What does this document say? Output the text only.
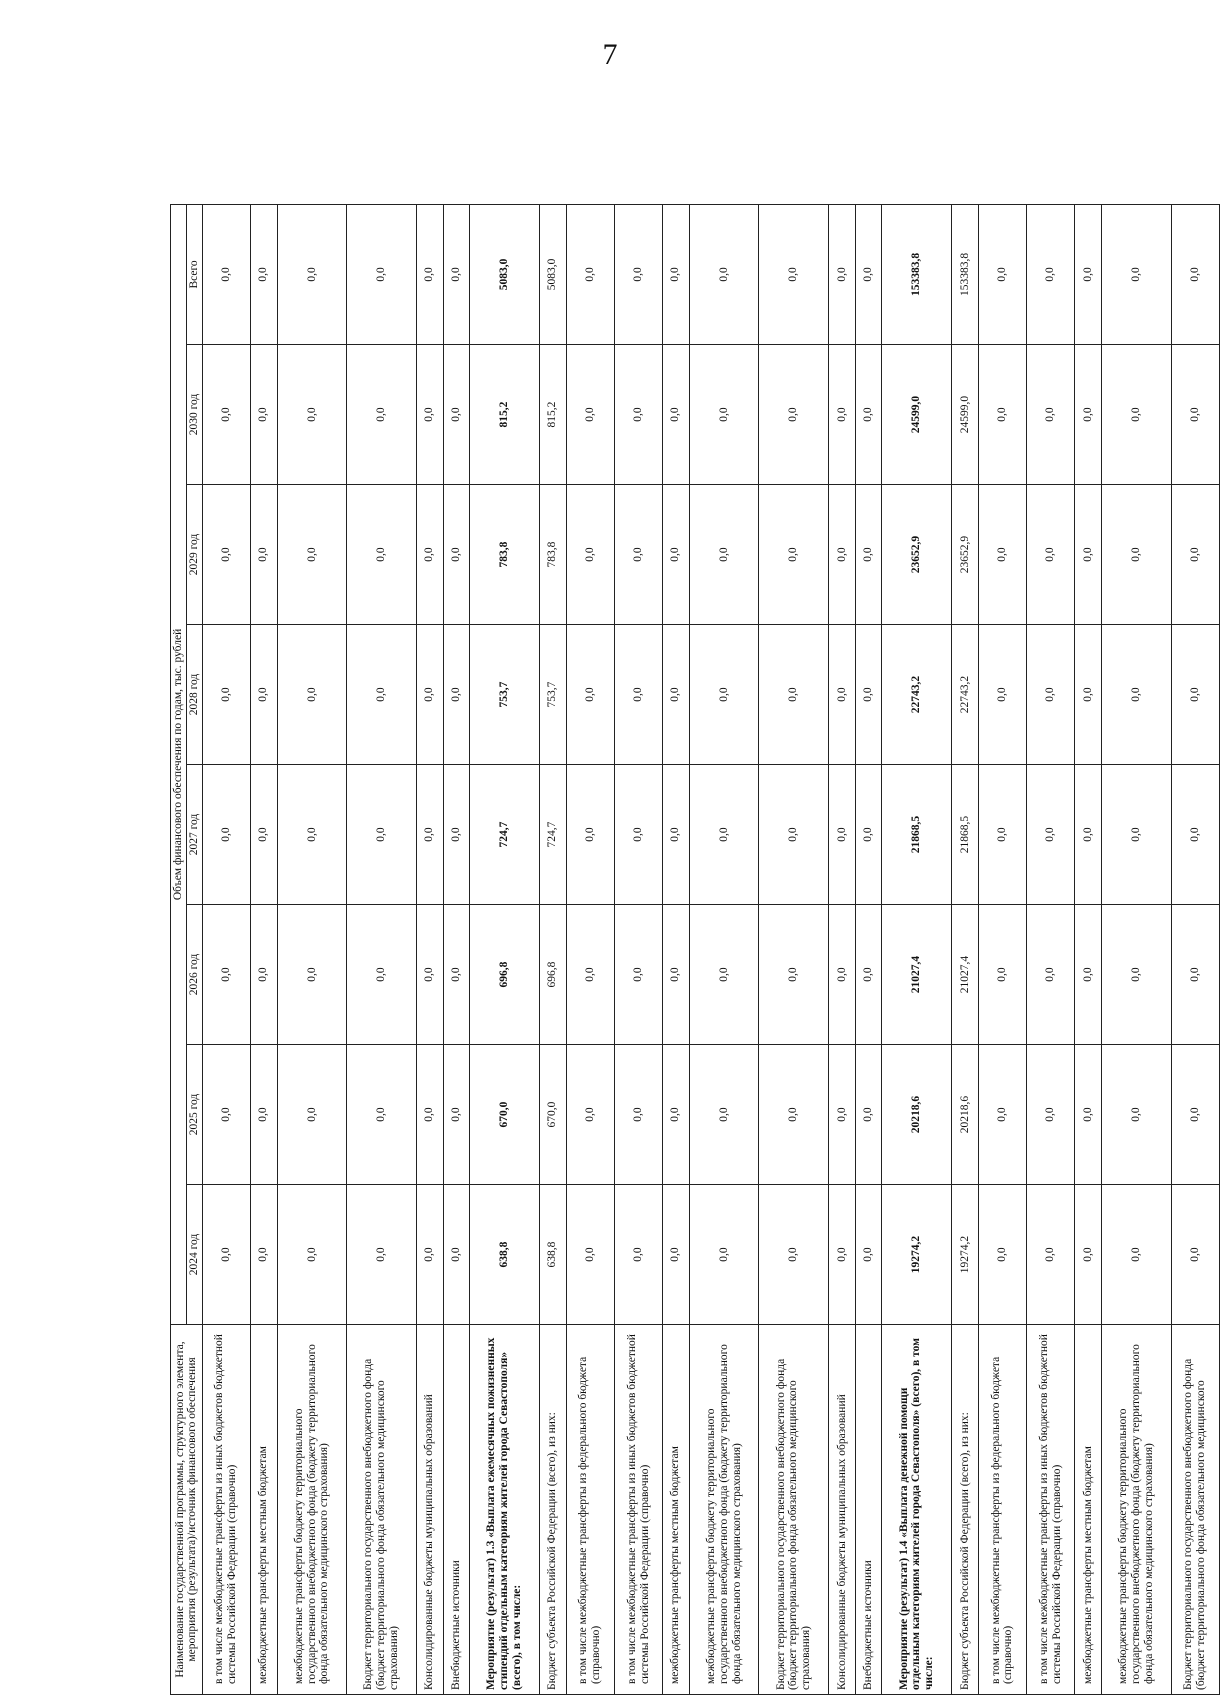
7
Наименование государственной программы, структурного элемента, мероприятия (результата)/источник финансового обеспечения	Объем финансового обеспечения по годам, тыс. рублей							
	2024 год	2025 год	2026 год	2027 год	2028 год	2029 год	2030 год	Всего
в том числе межбюджетные трансферты из иных бюджетов бюджетной системы Российской Федерации (справочно)	0,0	0,0	0,0	0,0	0,0	0,0	0,0	0,0
межбюджетные трансферты местным бюджетам	0,0	0,0	0,0	0,0	0,0	0,0	0,0	0,0
межбюджетные трансферты бюджету территориального государственного внебюджетного фонда (бюджету территориального фонда обязательного медицинского страхования)	0,0	0,0	0,0	0,0	0,0	0,0	0,0	0,0
Бюджет территориального государственного внебюджетного фонда (бюджет территориального фонда обязательного медицинского страхования)	0,0	0,0	0,0	0,0	0,0	0,0	0,0	0,0
Консолидированные бюджеты муниципальных образований	0,0	0,0	0,0	0,0	0,0	0,0	0,0	0,0
Внебюджетные источники	0,0	0,0	0,0	0,0	0,0	0,0	0,0	0,0
Мероприятие (результат) 1.3 «Выплата ежемесячных пожизненных стипендий отдельным категориям жителей города Севастополя» (всего), в том числе:	638,8	670,0	696,8	724,7	753,7	783,8	815,2	5083,0
Бюджет субъекта Российской Федерации (всего), из них:	638,8	670,0	696,8	724,7	753,7	783,8	815,2	5083,0
в том числе межбюджетные трансферты из федерального бюджета (справочно)	0,0	0,0	0,0	0,0	0,0	0,0	0,0	0,0
в том числе межбюджетные трансферты из иных бюджетов бюджетной системы Российской Федерации (справочно)	0,0	0,0	0,0	0,0	0,0	0,0	0,0	0,0
межбюджетные трансферты местным бюджетам	0,0	0,0	0,0	0,0	0,0	0,0	0,0	0,0
межбюджетные трансферты бюджету территориального государственного внебюджетного фонда (бюджету территориального фонда обязательного медицинского страхования)	0,0	0,0	0,0	0,0	0,0	0,0	0,0	0,0
Бюджет территориального государственного внебюджетного фонда (бюджет территориального фонда обязательного медицинского страхования)	0,0	0,0	0,0	0,0	0,0	0,0	0,0	0,0
Консолидированные бюджеты муниципальных образований	0,0	0,0	0,0	0,0	0,0	0,0	0,0	0,0
Внебюджетные источники	0,0	0,0	0,0	0,0	0,0	0,0	0,0	0,0
Мероприятие (результат) 1.4 «Выплата денежной помощи отдельным категориям жителей города Севастополя» (всего), в том числе:	19274,2	20218,6	21027,4	21868,5	22743,2	23652,9	24599,0	153383,8
Бюджет субъекта Российской Федерации (всего), из них:	19274,2	20218,6	21027,4	21868,5	22743,2	23652,9	24599,0	153383,8
в том числе межбюджетные трансферты из федерального бюджета (справочно)	0,0	0,0	0,0	0,0	0,0	0,0	0,0	0,0
в том числе межбюджетные трансферты из иных бюджетов бюджетной системы Российской Федерации (справочно)	0,0	0,0	0,0	0,0	0,0	0,0	0,0	0,0
межбюджетные трансферты местным бюджетам	0,0	0,0	0,0	0,0	0,0	0,0	0,0	0,0
межбюджетные трансферты бюджету территориального государственного внебюджетного фонда (бюджету территориального фонда обязательного медицинского страхования)	0,0	0,0	0,0	0,0	0,0	0,0	0,0	0,0
Бюджет территориального государственного внебюджетного фонда (бюджет территориального фонда обязательного медицинского	0,0	0,0	0,0	0,0	0,0	0,0	0,0	0,0
